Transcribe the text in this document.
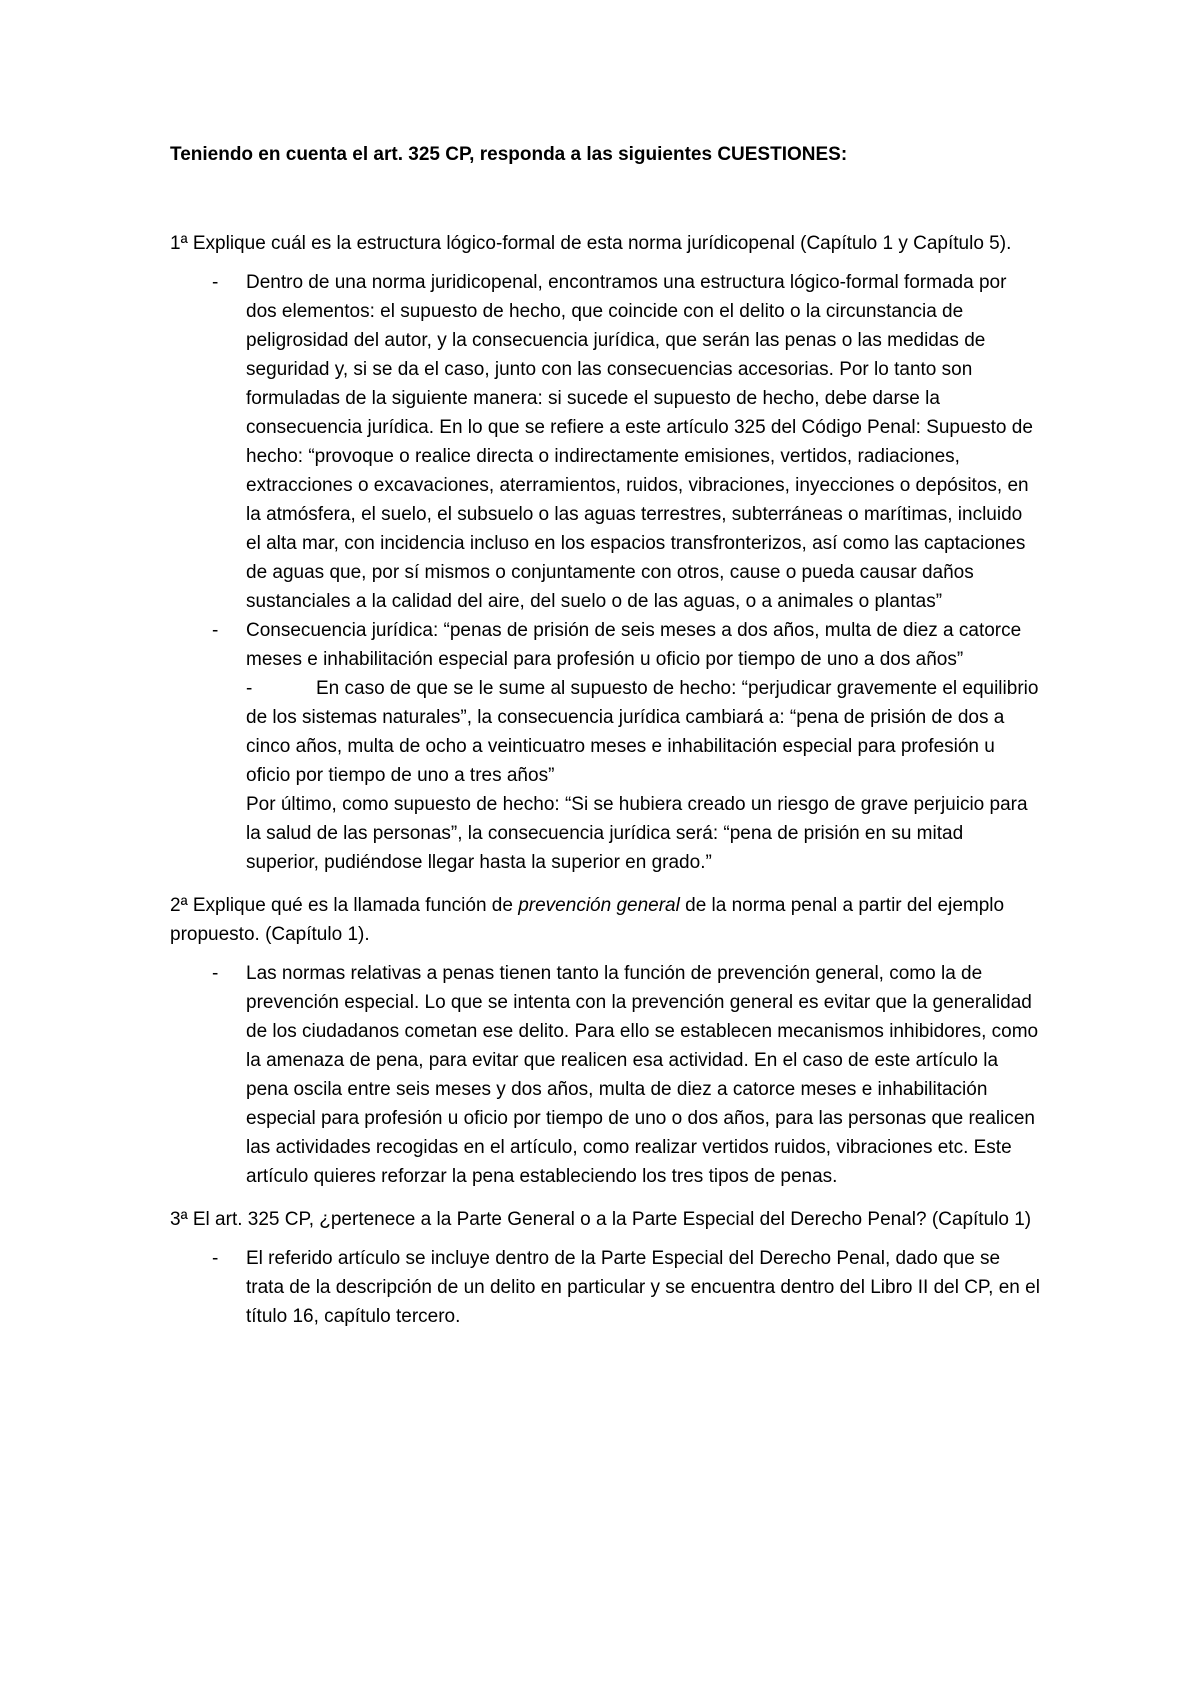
Teniendo en cuenta el art. 325 CP, responda a las siguientes CUESTIONES:

1ª Explique cuál es la estructura lógico-formal de esta norma jurídicopenal (Capítulo 1 y Capítulo 5).

- Dentro de una norma juridicopenal, encontramos una estructura lógico-formal formada por dos elementos: el supuesto de hecho, que coincide con el delito o la circunstancia de peligrosidad del autor, y la consecuencia jurídica, que serán las penas o las medidas de seguridad y, si se da el caso, junto con las consecuencias accesorias. Por lo tanto son formuladas de la siguiente manera: si sucede el supuesto de hecho, debe darse la consecuencia jurídica. En lo que se refiere a este artículo 325 del Código Penal: Supuesto de hecho: “provoque o realice directa o indirectamente emisiones, vertidos, radiaciones, extracciones o excavaciones, aterramientos, ruidos, vibraciones, inyecciones o depósitos, en la atmósfera, el suelo, el subsuelo o las aguas terrestres, subterráneas o marítimas, incluido el alta mar, con incidencia incluso en los espacios transfronterizos, así como las captaciones de aguas que, por sí mismos o conjuntamente con otros, cause o pueda causar daños sustanciales a la calidad del aire, del suelo o de las aguas, o a animales o plantas”
- Consecuencia jurídica: “penas de prisión de seis meses a dos años, multa de diez a catorce meses e inhabilitación especial para profesión u oficio por tiempo de uno a dos años”
-	En caso de que se le sume al supuesto de hecho: “perjudicar gravemente el equilibrio de los sistemas naturales”, la consecuencia jurídica cambiará a: “pena de prisión de dos a cinco años, multa de ocho a veinticuatro meses e inhabilitación especial para profesión u oficio por tiempo de uno a tres años”
Por último, como supuesto de hecho: “Si se hubiera creado un riesgo de grave perjuicio para la salud de las personas”, la consecuencia jurídica será: “pena de prisión en su mitad superior, pudiéndose llegar hasta la superior en grado.”

2ª Explique qué es la llamada función de prevención general de la norma penal a partir del ejemplo propuesto. (Capítulo 1).

- Las normas relativas a penas tienen tanto la función de prevención general, como la de prevención especial. Lo que se intenta con la prevención general es evitar que la generalidad de los ciudadanos cometan ese delito. Para ello se establecen mecanismos inhibidores, como la amenaza de pena, para evitar que realicen esa actividad. En el caso de este artículo la pena oscila entre seis meses y dos años, multa de diez a catorce meses e inhabilitación especial para profesión u oficio por tiempo de uno o dos años, para las personas que realicen las actividades recogidas en el artículo, como realizar vertidos ruidos, vibraciones etc. Este artículo quieres reforzar la pena estableciendo los tres tipos de penas.

3ª El art. 325 CP, ¿pertenece a la Parte General o a la Parte Especial del Derecho Penal? (Capítulo 1)

- El referido artículo se incluye dentro de la Parte Especial del Derecho Penal, dado que se trata de la descripción de un delito en particular y se encuentra dentro del Libro II del CP, en el título 16, capítulo tercero.
